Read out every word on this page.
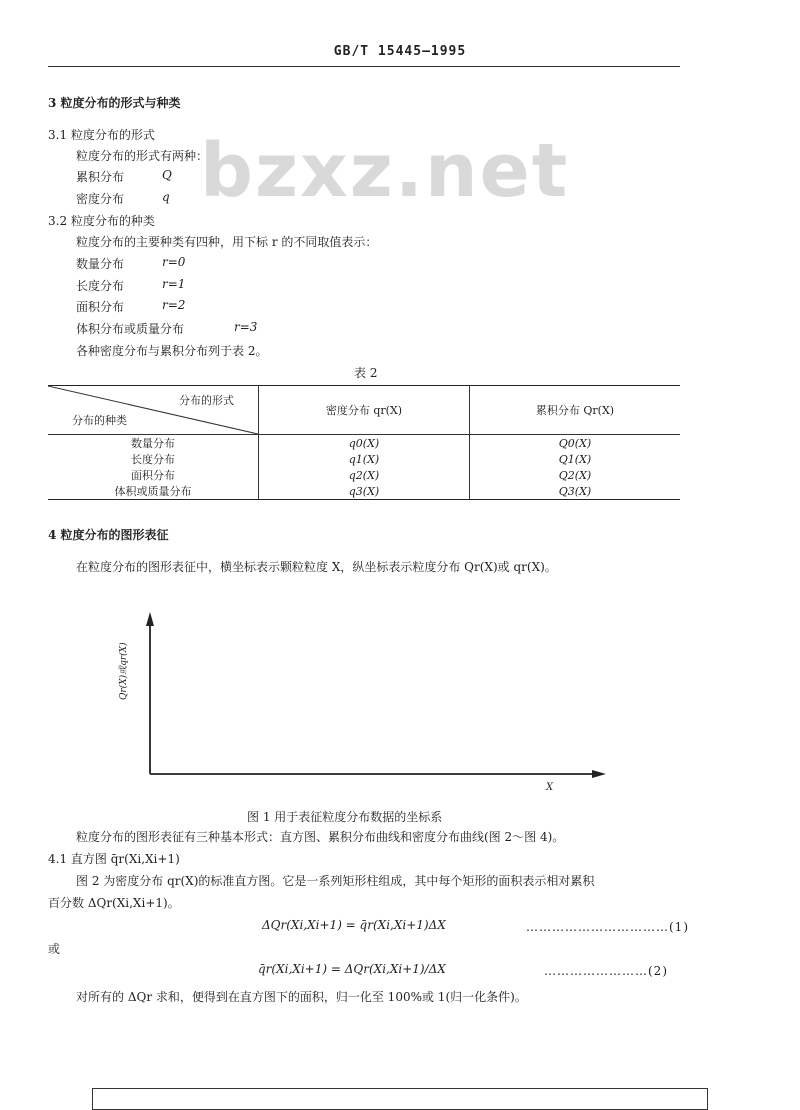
GB/T 15445—1995
bzxz.net
3 粒度分布的形式与种类
3.1 粒度分布的形式
粒度分布的形式有两种：
累积分布	Q
密度分布	q
3.2 粒度分布的种类
粒度分布的主要种类有四种，用下标 r 的不同取值表示：
数量分布	r=0
长度分布	r=1
面积分布	r=2
体积分布或质量分布	r=3
各种密度分布与累积分布列于表 2。
表 2
分布的形式
分布的种类	密度分布 qr(X)	累积分布 Qr(X)
数量分布	q0(X)	Q0(X)
长度分布	q1(X)	Q1(X)
面积分布	q2(X)	Q2(X)
体积或质量分布	q3(X)	Q3(X)
4 粒度分布的图形表征
在粒度分布的图形表征中，横坐标表示颗粒粒度 X，纵坐标表示粒度分布 Qr(X)或 qr(X)。
Qr(X)或qr(X)
X
图 1 用于表征粒度分布数据的坐标系
粒度分布的图形表征有三种基本形式：直方图、累积分布曲线和密度分布曲线(图 2～图 4)。
4.1 直方图 q̄r(Xi,Xi+1)
图 2 为密度分布 qr(X)的标准直方图。它是一系列矩形柱组成，其中每个矩形的面积表示相对累积
百分数 ΔQr(Xi,Xi+1)。
ΔQr(Xi,Xi+1) = q̄r(Xi,Xi+1)ΔX	……………………………(1)
或
q̄r(Xi,Xi+1) = ΔQr(Xi,Xi+1)/ΔX	……………………(2)
对所有的 ΔQr 求和，便得到在直方图下的面积，归一化至 100%或 1(归一化条件)。
